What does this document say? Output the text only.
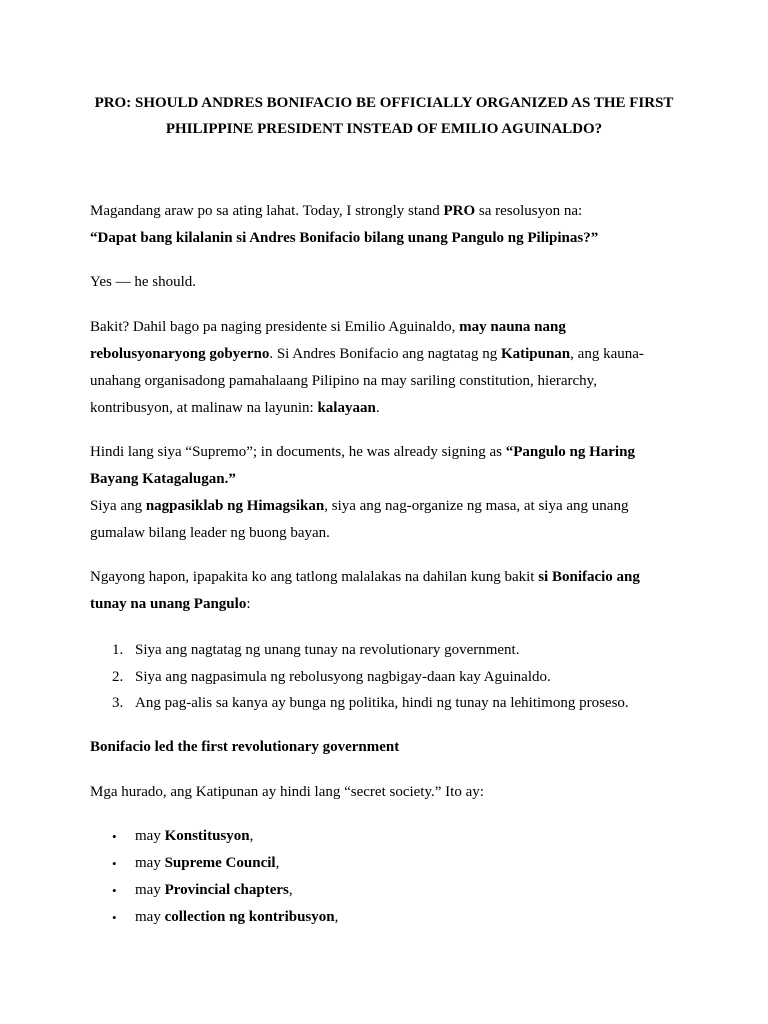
PRO: SHOULD ANDRES BONIFACIO BE OFFICIALLY ORGANIZED AS THE FIRST
PHILIPPINE PRESIDENT INSTEAD OF EMILIO AGUINALDO?
Magandang araw po sa ating lahat. Today, I strongly stand PRO sa resolusyon na:
“Dapat bang kilalanin si Andres Bonifacio bilang unang Pangulo ng Pilipinas?”
Yes — he should.
Bakit? Dahil bago pa naging presidente si Emilio Aguinaldo, may nauna nang
rebolusyonaryong gobyerno. Si Andres Bonifacio ang nagtatag ng Katipunan, ang kauna-
unahang organisadong pamahalaang Pilipino na may sariling constitution, hierarchy,
kontribusyon, at malinaw na layunin: kalayaan.
Hindi lang siya “Supremo”; in documents, he was already signing as “Pangulo ng Haring
Bayang Katagalugan.”
Siya ang nagpasiklab ng Himagsikan, siya ang nag-organize ng masa, at siya ang unang
gumalaw bilang leader ng buong bayan.
Ngayong hapon, ipapakita ko ang tatlong malalakas na dahilan kung bakit si Bonifacio ang
tunay na unang Pangulo:
1. Siya ang nagtatag ng unang tunay na revolutionary government.
2. Siya ang nagpasimula ng rebolusyong nagbigay-daan kay Aguinaldo.
3. Ang pag-alis sa kanya ay bunga ng politika, hindi ng tunay na lehitimong proseso.
Bonifacio led the first revolutionary government
Mga hurado, ang Katipunan ay hindi lang “secret society.” Ito ay:
• may Konstitusyon,
• may Supreme Council,
• may Provincial chapters,
• may collection ng kontribusyon,
